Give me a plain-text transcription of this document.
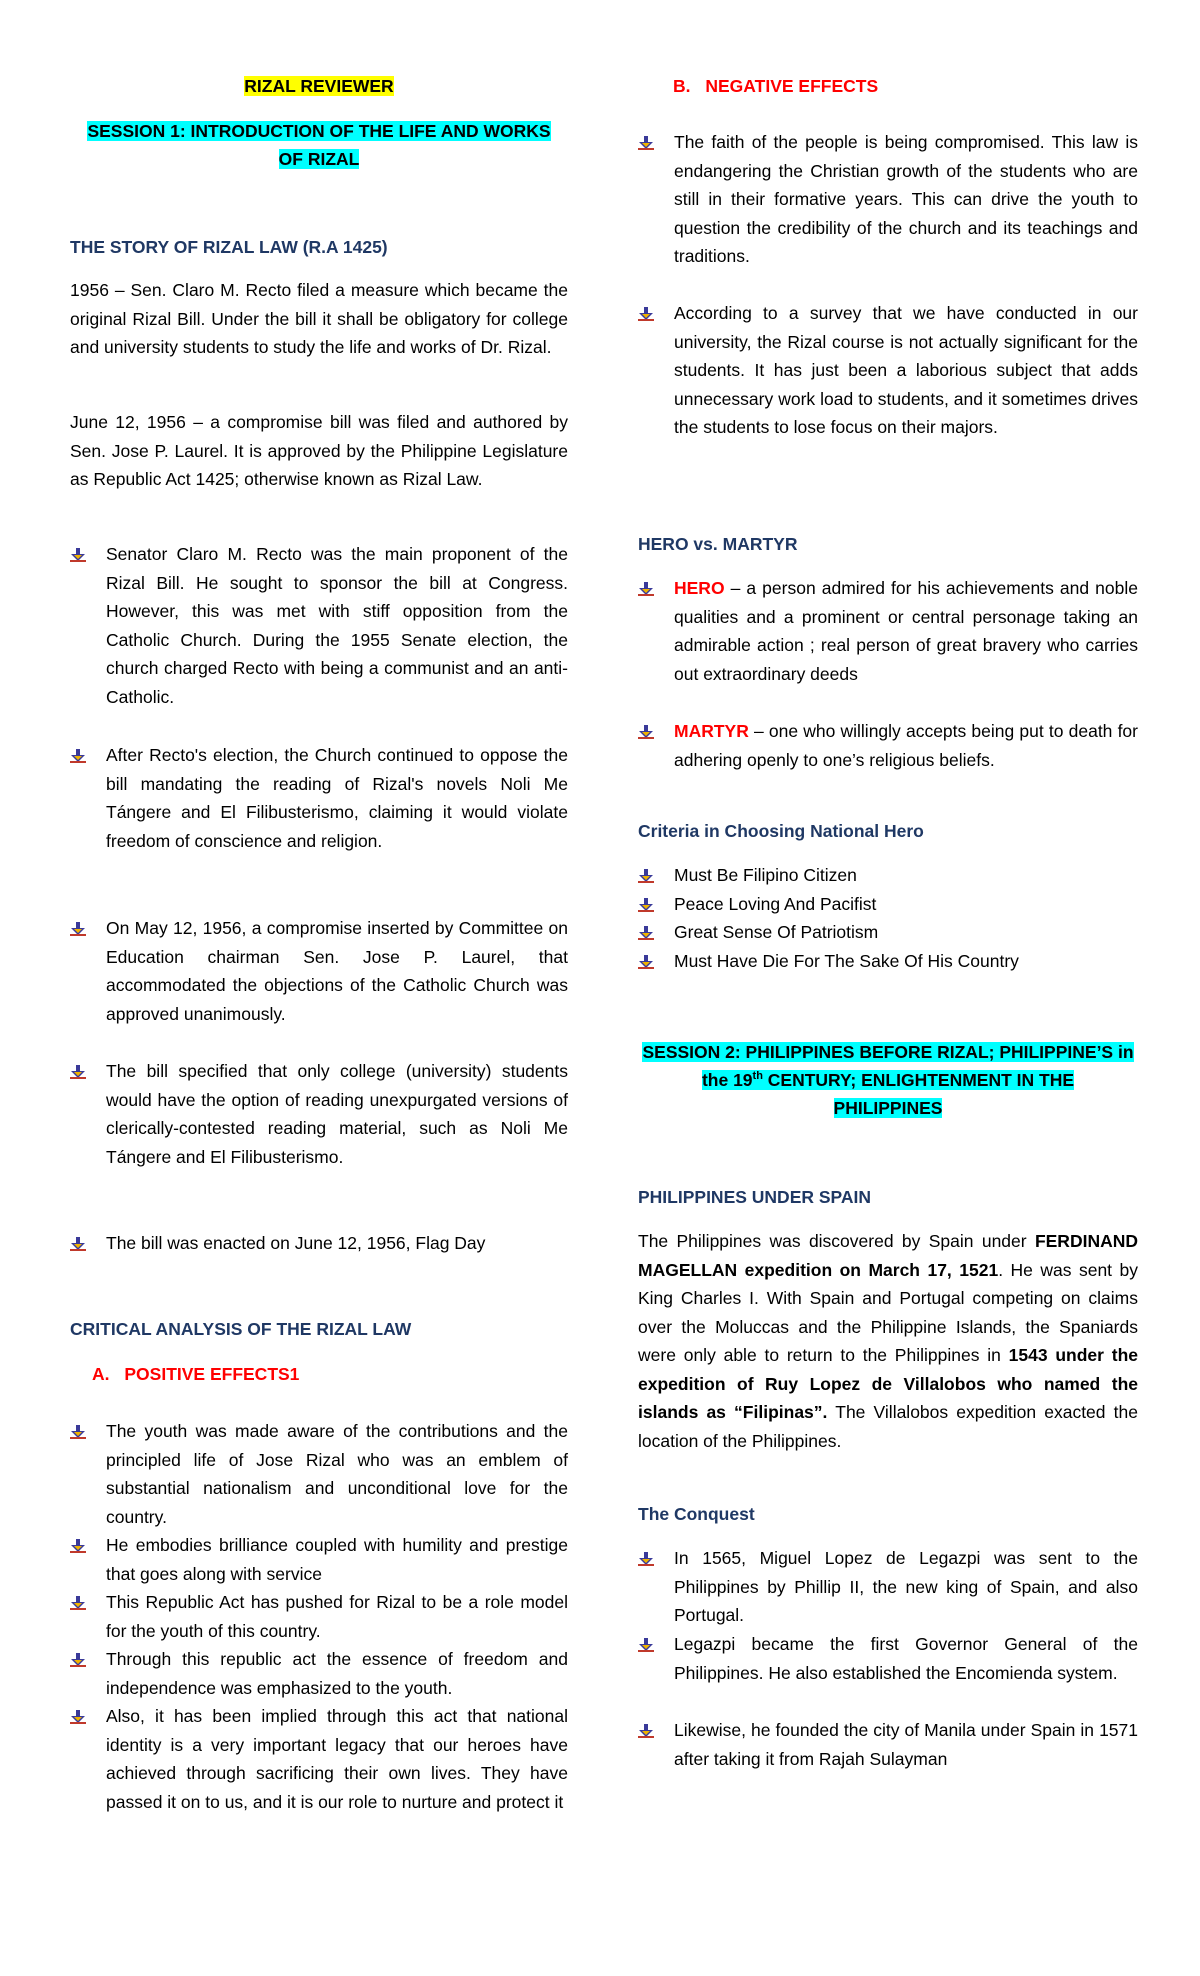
RIZAL REVIEWER
SESSION 1: INTRODUCTION OF THE LIFE AND WORKS
OF RIZAL
THE STORY OF RIZAL LAW (R.A 1425)

1956 – Sen. Claro M. Recto filed a measure which became the original Rizal Bill. Under the bill it shall be obligatory for college and university students to study the life and works of Dr. Rizal.

June 12, 1956 – a compromise bill was filed and authored by Sen. Jose P. Laurel. It is approved by the Philippine Legislature as Republic Act 1425; otherwise known as Rizal Law.

Senator Claro M. Recto was the main proponent of the Rizal Bill. He sought to sponsor the bill at Congress. However, this was met with stiff opposition from the Catholic Church. During the 1955 Senate election, the church charged Recto with being a communist and an anti-Catholic.

After Recto's election, the Church continued to oppose the bill mandating the reading of Rizal's novels Noli Me Tángere and El Filibusterismo, claiming it would violate freedom of conscience and religion.

On May 12, 1956, a compromise inserted by Committee on Education chairman Sen. Jose P. Laurel, that accommodated the objections of the Catholic Church was approved unanimously.

The bill specified that only college (university) students would have the option of reading unexpurgated versions of clerically-contested reading material, such as Noli Me Tángere and El Filibusterismo.

The bill was enacted on June 12, 1956, Flag Day

CRITICAL ANALYSIS OF THE RIZAL LAW
A. POSITIVE EFFECTS1

The youth was made aware of the contributions and the principled life of Jose Rizal who was an emblem of substantial nationalism and unconditional love for the country.

He embodies brilliance coupled with humility and prestige that goes along with service

This Republic Act has pushed for Rizal to be a role model for the youth of this country.

Through this republic act the essence of freedom and independence was emphasized to the youth.

Also, it has been implied through this act that national identity is a very important legacy that our heroes have achieved through sacrificing their own lives. They have passed it on to us, and it is our role to nurture and protect it

B. NEGATIVE EFFECTS

The faith of the people is being compromised. This law is endangering the Christian growth of the students who are still in their formative years. This can drive the youth to question the credibility of the church and its teachings and traditions.

According to a survey that we have conducted in our university, the Rizal course is not actually significant for the students. It has just been a laborious subject that adds unnecessary work load to students, and it sometimes drives the students to lose focus on their majors.

HERO vs. MARTYR

HERO – a person admired for his achievements and noble qualities and a prominent or central personage taking an admirable action ; real person of great bravery who carries out extraordinary deeds

MARTYR – one who willingly accepts being put to death for adhering openly to one’s religious beliefs.

Criteria in Choosing National Hero

Must Be Filipino Citizen

Peace Loving And Pacifist

Great Sense Of Patriotism

Must Have Die For The Sake Of His Country

SESSION 2: PHILIPPINES BEFORE RIZAL; PHILIPPINE’S in
the 19th CENTURY; ENLIGHTENMENT IN THE
PHILIPPINES
PHILIPPINES UNDER SPAIN

The Philippines was discovered by Spain under FERDINAND MAGELLAN expedition on March 17, 1521. He was sent by King Charles I. With Spain and Portugal competing on claims over the Moluccas and the Philippine Islands, the Spaniards were only able to return to the Philippines in 1543 under the expedition of Ruy Lopez de Villalobos who named the islands as “Filipinas”. The Villalobos expedition exacted the location of the Philippines.

The Conquest

In 1565, Miguel Lopez de Legazpi was sent to the Philippines by Phillip II, the new king of Spain, and also Portugal.

Legazpi became the first Governor General of the Philippines. He also established the Encomienda system.

Likewise, he founded the city of Manila under Spain in 1571 after taking it from Rajah Sulayman
